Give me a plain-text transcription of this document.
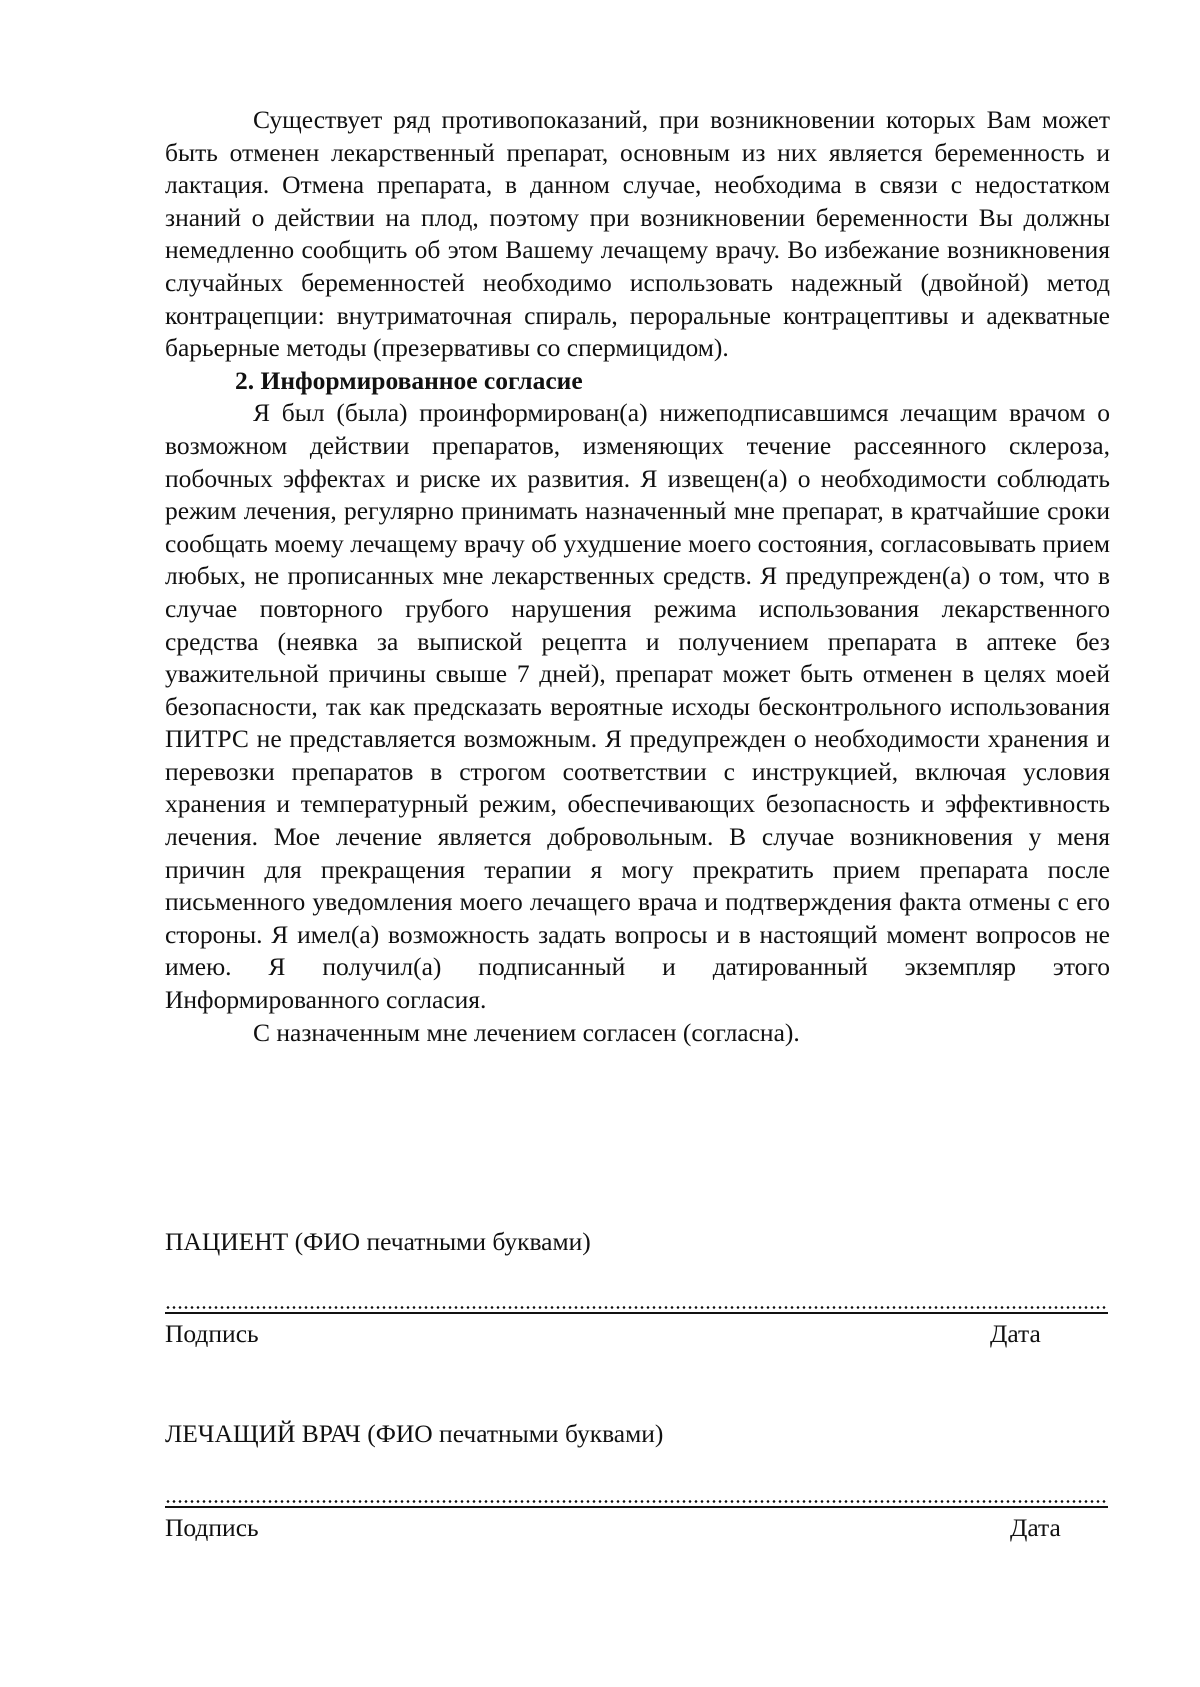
Существует ряд противопоказаний, при возникновении которых Вам может быть отменен лекарственный препарат, основным из них является беременность и лактация. Отмена препарата, в данном случае, необходима в связи с недостатком знаний о действии на плод, поэтому при возникновении беременности Вы должны немедленно сообщить об этом Вашему лечащему врачу. Во избежание возникновения случайных беременностей необходимо использовать надежный (двойной) метод контрацепции: внутриматочная спираль, пероральные контрацептивы и адекватные барьерные методы (презервативы со спермицидом).

2. Информированное согласие

Я был (была) проинформирован(а) нижеподписавшимся лечащим врачом о возможном действии препаратов, изменяющих течение рассеянного склероза, побочных эффектах и риске их развития. Я извещен(а) о необходимости соблюдать режим лечения, регулярно принимать назначенный мне препарат, в кратчайшие сроки сообщать моему лечащему врачу об ухудшение моего состояния, согласовывать прием любых, не прописанных мне лекарственных средств. Я предупрежден(а) о том, что в случае повторного грубого нарушения режима использования лекарственного средства (неявка за выпиской рецепта и получением препарата в аптеке без уважительной причины свыше 7 дней), препарат может быть отменен в целях моей безопасности, так как предсказать вероятные исходы бесконтрольного использования ПИТРС не представляется возможным. Я предупрежден о необходимости хранения и перевозки препаратов в строгом соответствии с инструкцией, включая условия хранения и температурный режим, обеспечивающих безопасность и эффективность лечения. Мое лечение является добровольным. В случае возникновения у меня причин для прекращения терапии я могу прекратить прием препарата после письменного уведомления моего лечащего врача и подтверждения факта отмены с его стороны. Я имел(а) возможность задать вопросы и в настоящий момент вопросов не имею. Я получил(а) подписанный и датированный экземпляр этого Информированного согласия.

С назначенным мне лечением согласен (согласна).

ПАЦИЕНТ (ФИО печатными буквами)
Подпись	Дата
ЛЕЧАЩИЙ ВРАЧ (ФИО печатными буквами)
Подпись	Дата
